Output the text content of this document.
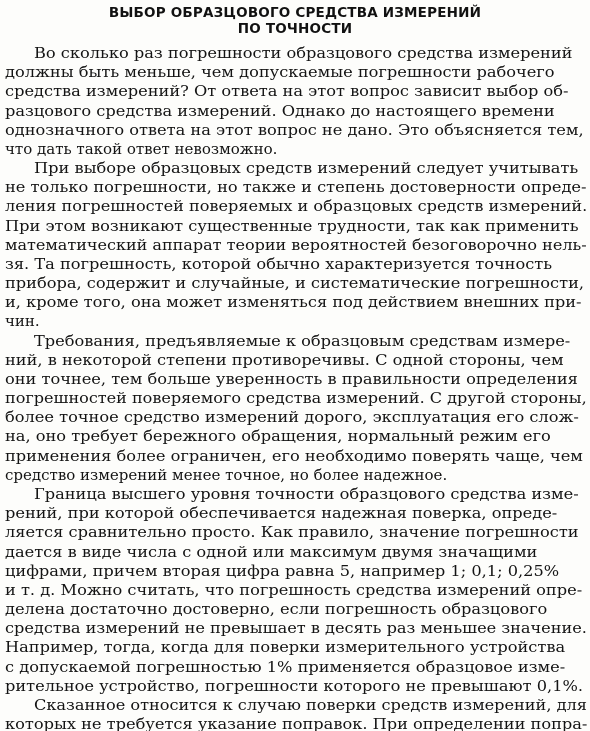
ВЫБОР ОБРАЗЦОВОГО СРЕДСТВА ИЗМЕРЕНИЙ
ПО ТОЧНОСТИ
Во сколько раз погрешности образцового средства измерений
должны быть меньше, чем допускаемые погрешности рабочего
средства измерений? От ответа на этот вопрос зависит выбор об-
разцового средства измерений. Однако до настоящего времени
однозначного ответа на этот вопрос не дано. Это объясняется тем,
что дать такой ответ невозможно.
При выборе образцовых средств измерений следует учитывать
не только погрешности, но также и степень достоверности опреде-
ления погрешностей поверяемых и образцовых средств измерений.
При этом возникают существенные трудности, так как применить
математический аппарат теории вероятностей безоговорочно нель-
зя. Та погрешность, которой обычно характеризуется точность
прибора, содержит и случайные, и систематические погрешности,
и, кроме того, она может изменяться под действием внешних при-
чин.
Требования, предъявляемые к образцовым средствам измере-
ний, в некоторой степени противоречивы. С одной стороны, чем
они точнее, тем больше уверенность в правильности определения
погрешностей поверяемого средства измерений. С другой стороны,
более точное средство измерений дорого, эксплуатация его слож-
на, оно требует бережного обращения, нормальный режим его
применения более ограничен, его необходимо поверять чаще, чем
средство измерений менее точное, но более надежное.
Граница высшего уровня точности образцового средства изме-
рений, при которой обеспечивается надежная поверка, опреде-
ляется сравнительно просто. Как правило, значение погрешности
дается в виде числа с одной или максимум двумя значащими
цифрами, причем вторая цифра равна 5, например 1; 0,1; 0,25%
и т. д. Можно считать, что погрешность средства измерений опре-
делена достаточно достоверно, если погрешность образцового
средства измерений не превышает в десять раз меньшее значение.
Например, тогда, когда для поверки измерительного устройства
с допускаемой погрешностью 1% применяется образцовое изме-
рительное устройство, погрешности которого не превышают 0,1%.
Сказанное относится к случаю поверки средств измерений, для
которых не требуется указание поправок. При определении попра-
